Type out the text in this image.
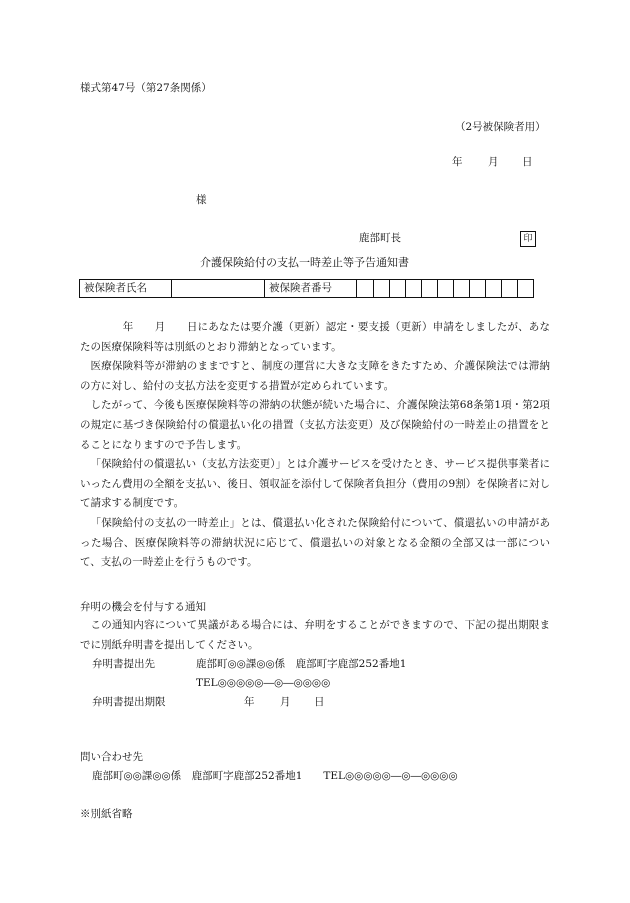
様式第47号（第27条関係）
（2号被保険者用）
年 月 日
様
鹿部町長	印
介護保険給付の支払一時差止等予告通知書
被保険者氏名		被保険者番号											

　　　　年　　月　　日にあなたは要介護（更新）認定・要支援（更新）申請をしましたが、あなたの医療保険料等は別紙のとおり滞納となっています。

医療保険料等が滞納のままですと、制度の運営に大きな支障をきたすため、介護保険法では滞納の方に対し、給付の支払方法を変更する措置が定められています。

したがって、今後も医療保険料等の滞納の状態が続いた場合に、介護保険法第68条第1項・第2項の規定に基づき保険給付の償還払い化の措置（支払方法変更）及び保険給付の一時差止の措置をとることになりますので予告します。

「保険給付の償還払い（支払方法変更）」とは介護サービスを受けたとき、サービス提供事業者にいったん費用の全額を支払い、後日、領収証を添付して保険者負担分（費用の9割）を保険者に対して請求する制度です。

「保険給付の支払の一時差止」とは、償還払い化された保険給付について、償還払いの申請があった場合、医療保険料等の滞納状況に応じて、償還払いの対象となる金額の全部又は一部について、支払の一時差止を行うものです。

弁明の機会を付与する通知

この通知内容について異議がある場合には、弁明をすることができますので、下記の提出期限までに別紙弁明書を提出してください。

弁明書提出先	鹿部町◎◎課◎◎係　鹿部町字鹿部252番地1
TEL◎◎◎◎◎―◎―◎◎◎◎
弁明書提出期限	年 月 日
問い合わせ先
鹿部町◎◎課◎◎係　鹿部町字鹿部252番地1　　TEL◎◎◎◎◎―◎―◎◎◎◎
※別紙省略
